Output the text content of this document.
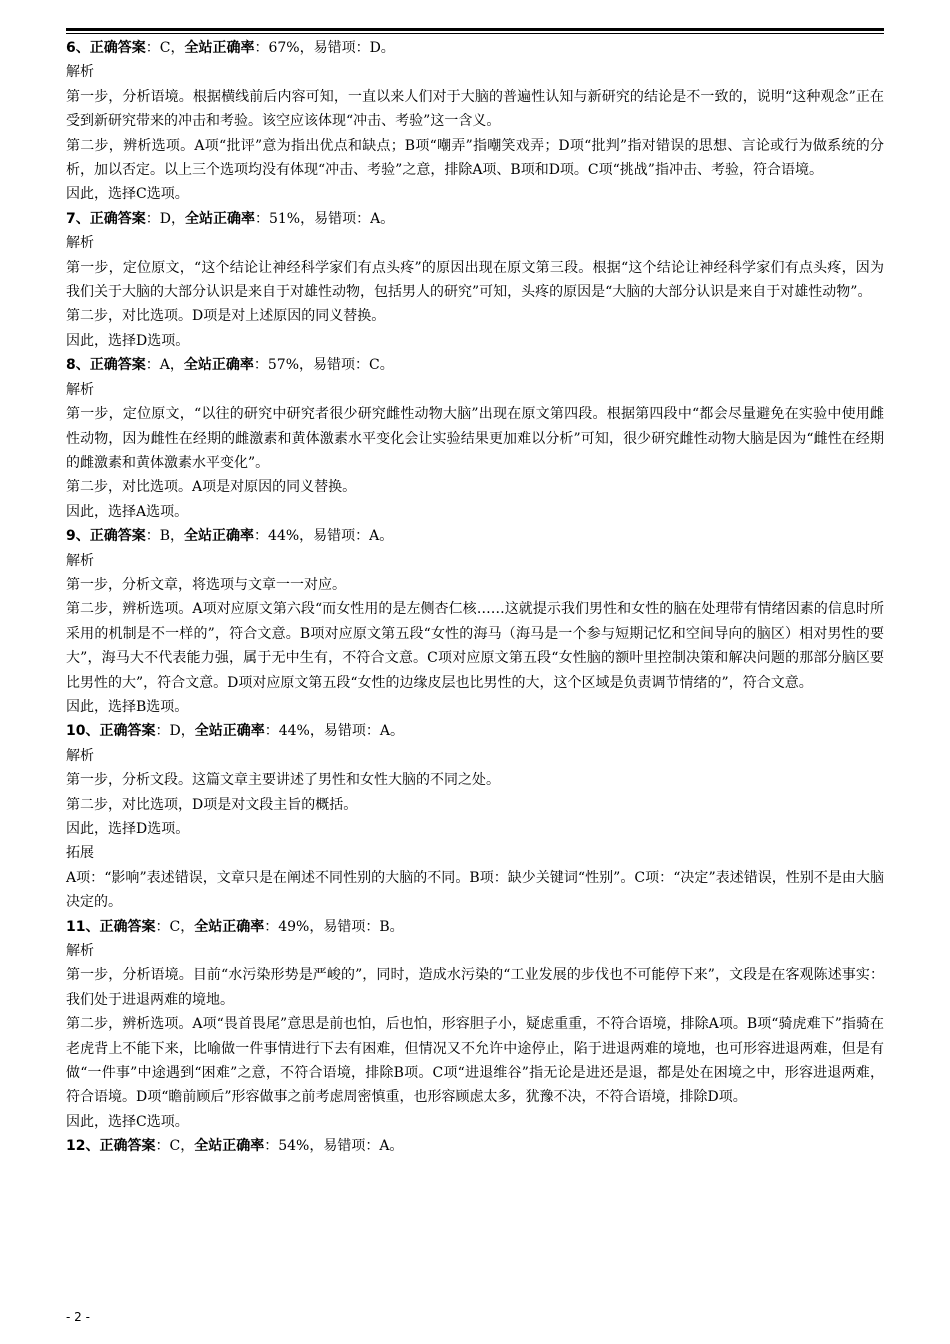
6、正确答案：C，全站正确率：67%，易错项：D。
解析
第一步，分析语境。根据横线前后内容可知，一直以来人们对于大脑的普遍性认知与新研究的结论是不一致的，说明“这种观念”正在受到新研究带来的冲击和考验。该空应该体现“冲击、考验”这一含义。
第二步，辨析选项。A项“批评”意为指出优点和缺点；B项“嘲弄”指嘲笑戏弄；D项“批判”指对错误的思想、言论或行为做系统的分析，加以否定。以上三个选项均没有体现“冲击、考验”之意，排除A项、B项和D项。C项“挑战”指冲击、考验，符合语境。
因此，选择C选项。
7、正确答案：D，全站正确率：51%，易错项：A。
解析
第一步，定位原文，“这个结论让神经科学家们有点头疼”的原因出现在原文第三段。根据“这个结论让神经科学家们有点头疼，因为我们关于大脑的大部分认识是来自于对雄性动物，包括男人的研究”可知，头疼的原因是“大脑的大部分认识是来自于对雄性动物”。
第二步，对比选项。D项是对上述原因的同义替换。
因此，选择D选项。
8、正确答案：A，全站正确率：57%，易错项：C。
解析
第一步，定位原文，“以往的研究中研究者很少研究雌性动物大脑”出现在原文第四段。根据第四段中“都会尽量避免在实验中使用雌性动物，因为雌性在经期的雌激素和黄体激素水平变化会让实验结果更加难以分析”可知，很少研究雌性动物大脑是因为“雌性在经期的雌激素和黄体激素水平变化”。
第二步，对比选项。A项是对原因的同义替换。
因此，选择A选项。
9、正确答案：B，全站正确率：44%，易错项：A。
解析
第一步，分析文章，将选项与文章一一对应。
第二步，辨析选项。A项对应原文第六段“而女性用的是左侧杏仁核……这就提示我们男性和女性的脑在处理带有情绪因素的信息时所采用的机制是不一样的”，符合文意。B项对应原文第五段“女性的海马（海马是一个参与短期记忆和空间导向的脑区）相对男性的要大”，海马大不代表能力强，属于无中生有，不符合文意。C项对应原文第五段“女性脑的额叶里控制决策和解决问题的那部分脑区要比男性的大”，符合文意。D项对应原文第五段“女性的边缘皮层也比男性的大，这个区域是负责调节情绪的”，符合文意。
因此，选择B选项。
10、正确答案：D，全站正确率：44%，易错项：A。
解析
第一步，分析文段。这篇文章主要讲述了男性和女性大脑的不同之处。
第二步，对比选项，D项是对文段主旨的概括。
因此，选择D选项。
拓展
A项：“影响”表述错误，文章只是在阐述不同性别的大脑的不同。B项：缺少关键词“性别”。C项：“决定”表述错误，性别不是由大脑决定的。
11、正确答案：C，全站正确率：49%，易错项：B。
解析
第一步，分析语境。目前“水污染形势是严峻的”，同时，造成水污染的“工业发展的步伐也不可能停下来”，文段是在客观陈述事实：我们处于进退两难的境地。
第二步，辨析选项。A项“畏首畏尾”意思是前也怕，后也怕，形容胆子小，疑虑重重，不符合语境，排除A项。B项“骑虎难下”指骑在老虎背上不能下来，比喻做一件事情进行下去有困难，但情况又不允许中途停止，陷于进退两难的境地，也可形容进退两难，但是有做“一件事”中途遇到“困难”之意，不符合语境，排除B项。C项“进退维谷”指无论是进还是退，都是处在困境之中，形容进退两难，符合语境。D项“瞻前顾后”形容做事之前考虑周密慎重，也形容顾虑太多，犹豫不决，不符合语境，排除D项。
因此，选择C选项。
12、正确答案：C，全站正确率：54%，易错项：A。
- 2 -
